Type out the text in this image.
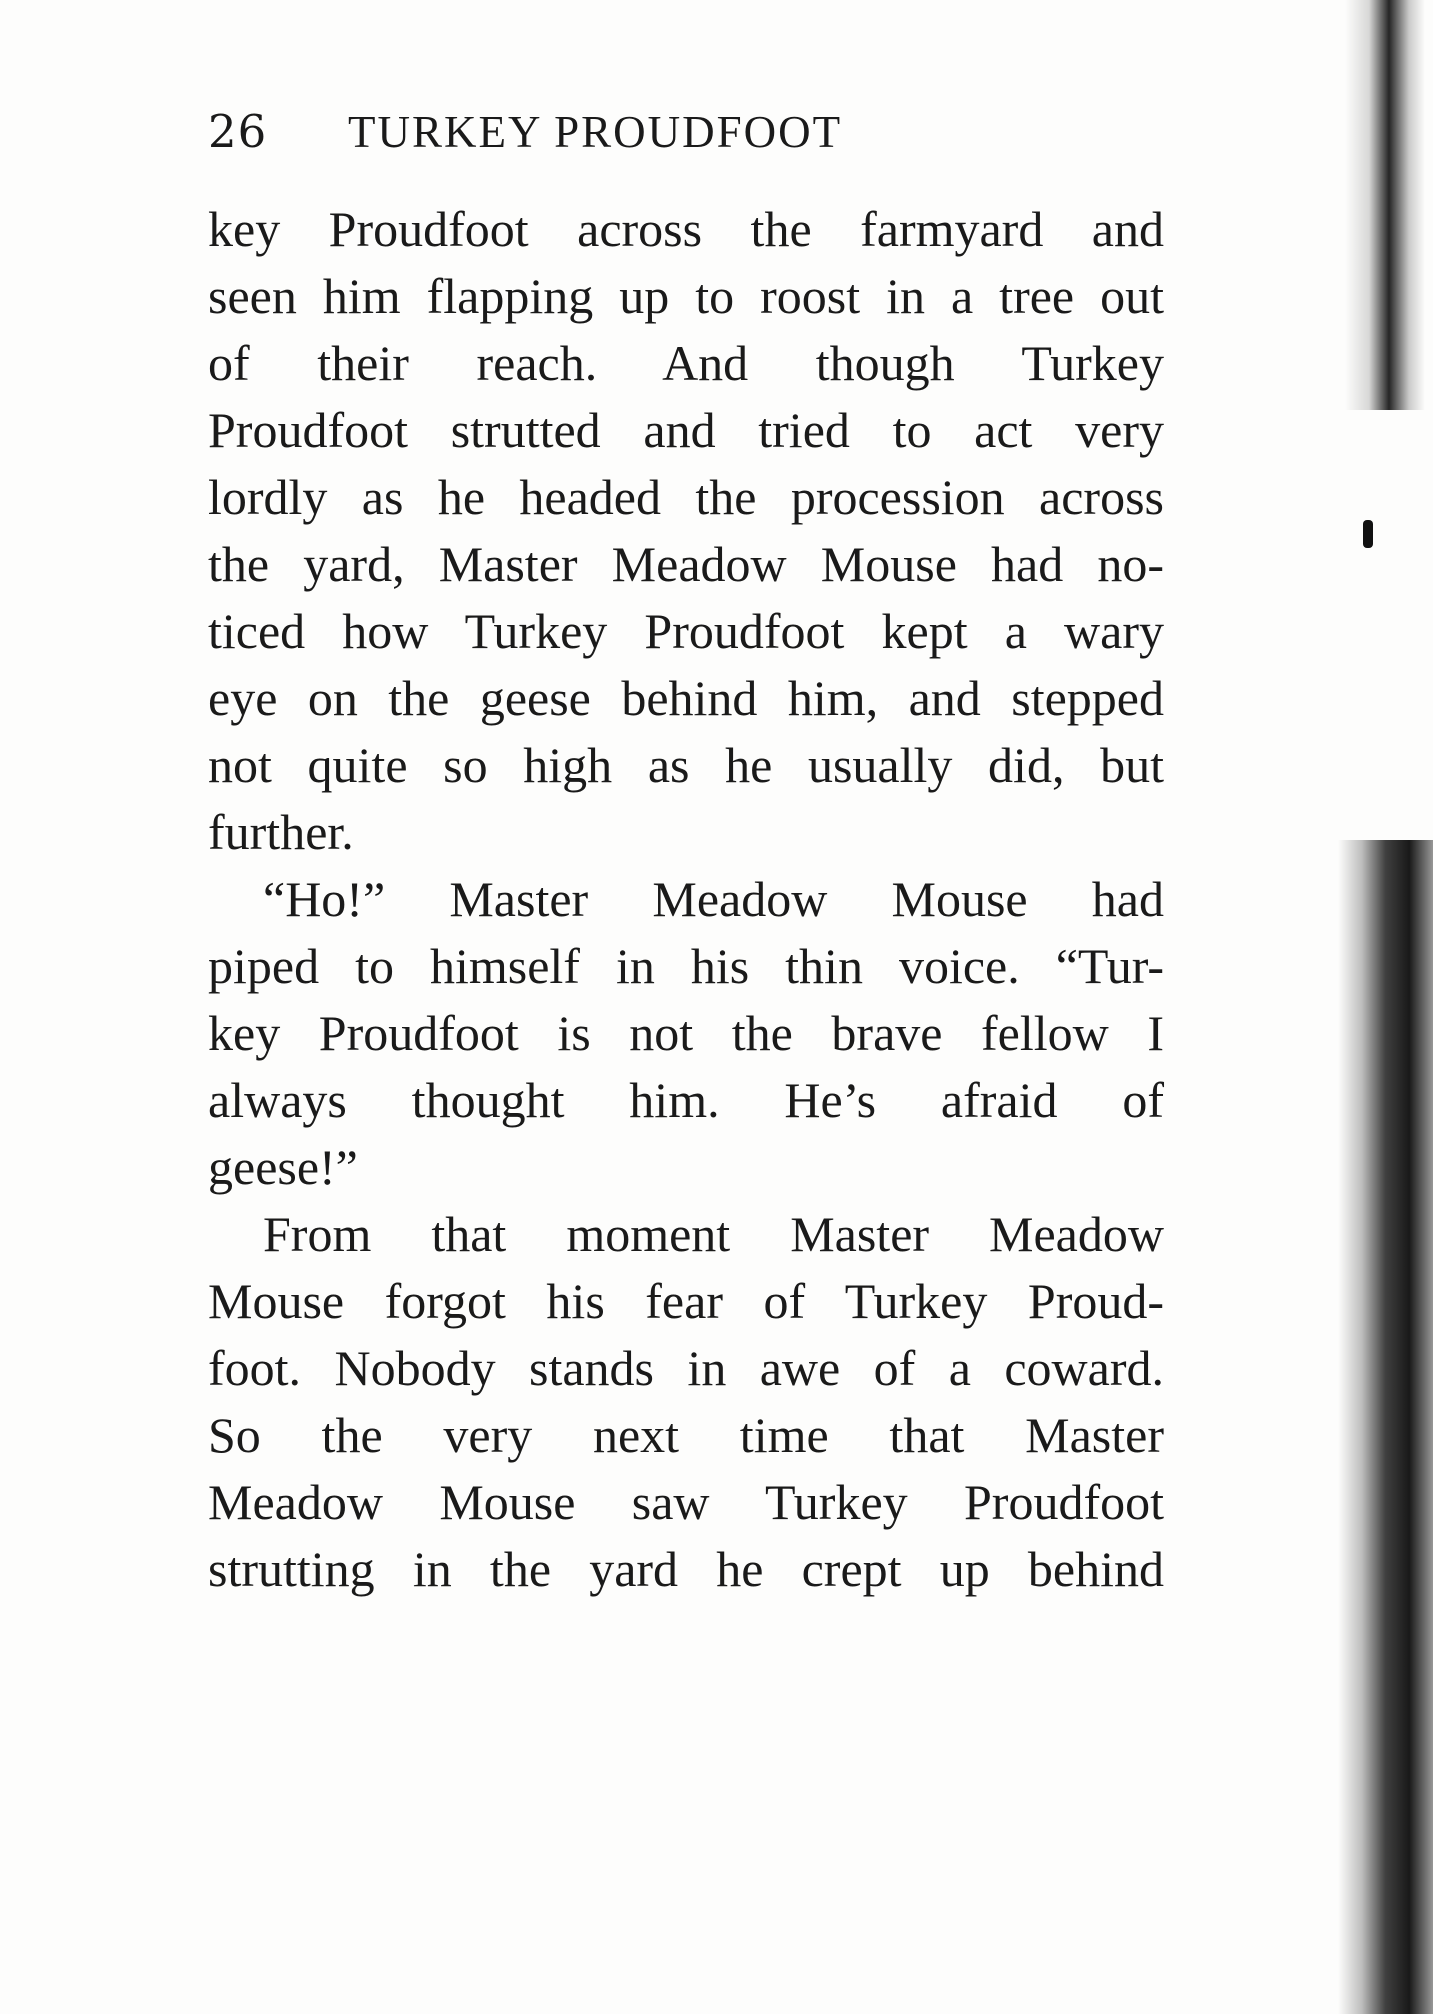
26 TURKEY PROUDFOOT
key Proudfoot across the farmyard and
seen him flapping up to roost in a tree out
of their reach. And though Turkey
Proudfoot strutted and tried to act very
lordly as he headed the procession across
the yard, Master Meadow Mouse had no-
ticed how Turkey Proudfoot kept a wary
eye on the geese behind him, and stepped
not quite so high as he usually did, but
further.
“Ho!” Master Meadow Mouse had
piped to himself in his thin voice. “Tur-
key Proudfoot is not the brave fellow I
always thought him. He’s afraid of
geese!”
From that moment Master Meadow
Mouse forgot his fear of Turkey Proud-
foot. Nobody stands in awe of a coward.
So the very next time that Master
Meadow Mouse saw Turkey Proudfoot
strutting in the yard he crept up behind
